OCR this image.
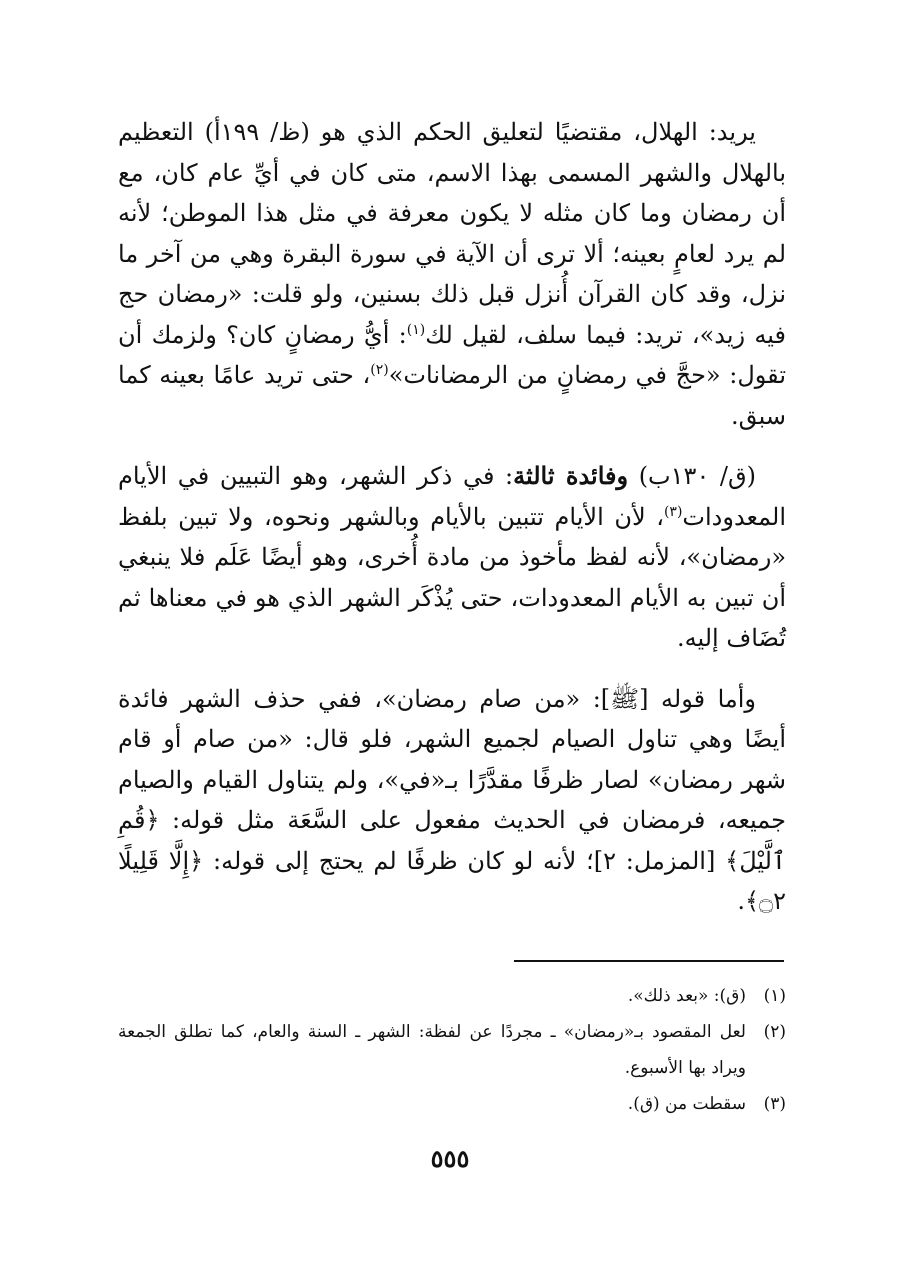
يريد: الهلال، مقتضيًا لتعليق الحكم الذي هو (ظ/ ١٩٩أ) التعظيم بالهلال والشهر المسمى بهذا الاسم، متى كان في أيِّ عام كان، مع أن رمضان وما كان مثله لا يكون معرفة في مثل هذا الموطن؛ لأنه لم يرد لعامٍ بعينه؛ ألا ترى أن الآية في سورة البقرة وهي من آخر ما نزل، وقد كان القرآن أُنزل قبل ذلك بسنين، ولو قلت: «رمضان حج فيه زيد»، تريد: فيما سلف، لقيل لك$^{(١)}$: أيُّ رمضانٍ كان؟ ولزمك أن تقول: «حجَّ في رمضانٍ من الرمضانات»$^{(٢)}$، حتى تريد عامًا بعينه كما سبق.

(ق/ ١٣٠ب) وفائدة ثالثة: في ذكر الشهر، وهو التبيين في الأيام المعدودات$^{(٣)}$، لأن الأيام تتبين بالأيام وبالشهر ونحوه، ولا تبين بلفظ «رمضان»، لأنه لفظ مأخوذ من مادة أُخرى، وهو أيضًا عَلَم فلا ينبغي أن تبين به الأيام المعدودات، حتى يُذْكَر الشهر الذي هو في معناها ثم تُضَاف إليه.

وأما قوله [ﷺ]: «من صام رمضان»، ففي حذف الشهر فائدة أيضًا وهي تناول الصيام لجميع الشهر، فلو قال: «من صام أو قام شهر رمضان» لصار ظرفًا مقدَّرًا بـ«في»، ولم يتناول القيام والصيام جميعه، فرمضان في الحديث مفعول على السَّعَة مثل قوله: ﴿قُمِ ٱلَّيْلَ﴾ [المزمل: ٢]؛ لأنه لو كان ظرفًا لم يحتج إلى قوله: ﴿إِلَّا قَلِيلًا ۝٢﴾.

(١)
(ق): «بعد ذلك».
(٢)
لعل المقصود بـ«رمضان» ـ مجردًا عن لفظة: الشهر ـ السنة والعام، كما تطلق الجمعة ويراد بها الأسبوع.
(٣)
سقطت من (ق).
٥٥٥
